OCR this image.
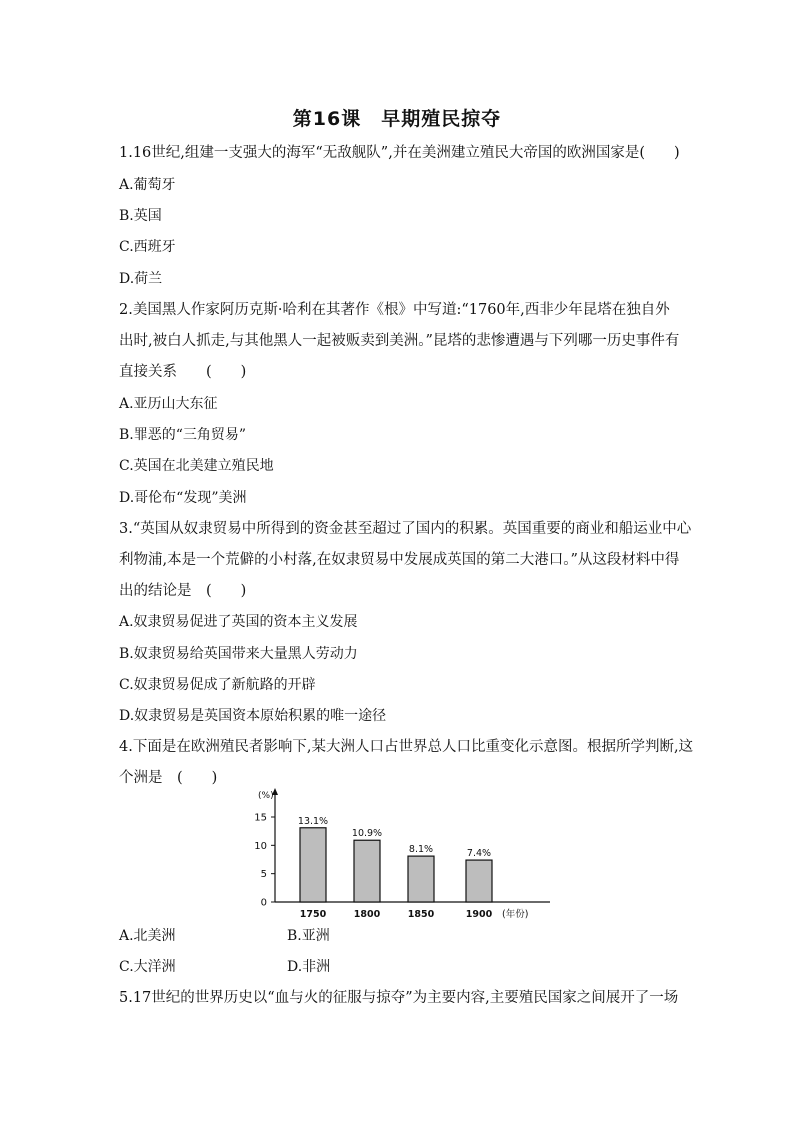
第16课　早期殖民掠夺
1.16世纪,组建一支强大的海军“无敌舰队”,并在美洲建立殖民大帝国的欧洲国家是(　　)
A.葡萄牙
B.英国
C.西班牙
D.荷兰
2.美国黑人作家阿历克斯·哈利在其著作《根》中写道:“1760年,西非少年昆塔在独自外
出时,被白人抓走,与其他黑人一起被贩卖到美洲。”昆塔的悲惨遭遇与下列哪一历史事件有
直接关系　　(　　)
A.亚历山大东征
B.罪恶的“三角贸易”
C.英国在北美建立殖民地
D.哥伦布“发现”美洲
3.“英国从奴隶贸易中所得到的资金甚至超过了国内的积累。英国重要的商业和船运业中心
利物浦,本是一个荒僻的小村落,在奴隶贸易中发展成英国的第二大港口。”从这段材料中得
出的结论是　(　　)
A.奴隶贸易促进了英国的资本主义发展
B.奴隶贸易给英国带来大量黑人劳动力
C.奴隶贸易促成了新航路的开辟
D.奴隶贸易是英国资本原始积累的唯一途径
4.下面是在欧洲殖民者影响下,某大洲人口占世界总人口比重变化示意图。根据所学判断,这
个洲是　(　　)
(%)
0
5
10
15	13.1%
1750
10.9%
1800
8.1%
1850
7.4%
1900 (年份)
A.北美洲	B.亚洲
C.大洋洲	D.非洲
5.17世纪的世界历史以“血与火的征服与掠夺”为主要内容,主要殖民国家之间展开了一场
